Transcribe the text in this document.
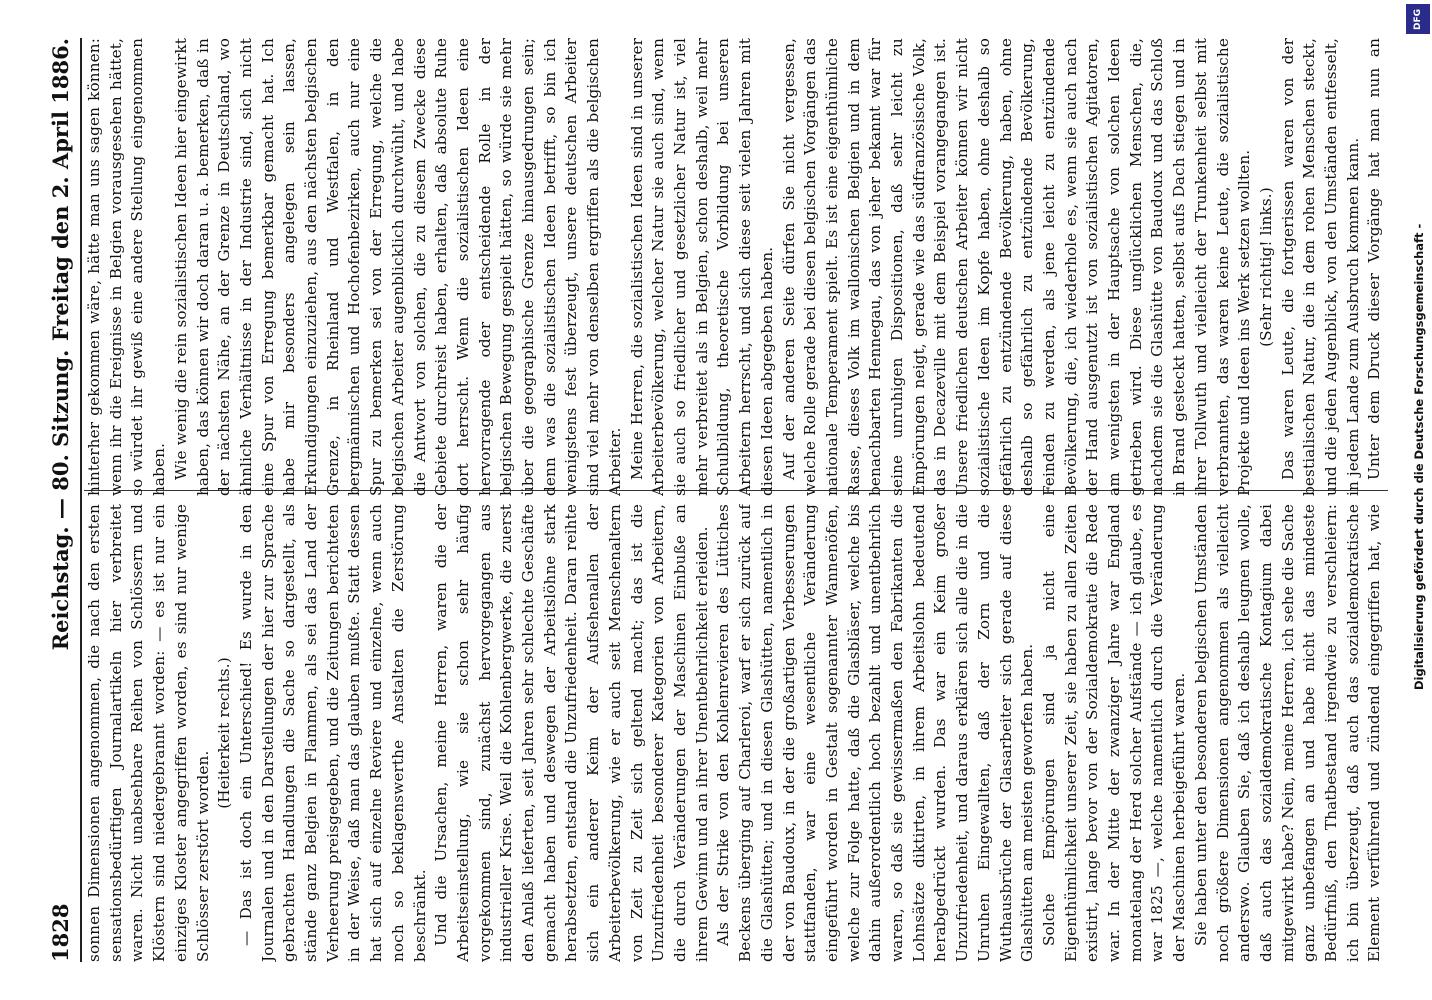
1828
Reichstag. — 80. Sitzung.
Freitag den 2. April 1886.

sonnen Dimensionen angenommen, die nach den ersten sensationsbedürftigen Journalartikeln hier verbreitet waren. Nicht unabsehbare Reihen von Schlössern und Klöstern sind niedergebrannt worden: — es ist nur ein einziges Kloster angegriffen worden, es sind nur wenige Schlösser zerstört worden.

(Heiterkeit rechts.) — Das ist doch ein Unterschied! Es wurde in den Journalen und in den Darstellungen der hier zur Sprache gebrachten Handlungen die Sache so dargestellt, als stände ganz Belgien in Flammen, als sei das Land der Verheerung preisgegeben, und die Zeitungen berichteten in der Weise, daß man das glauben mußte. Statt dessen hat sich auf einzelne Reviere und einzelne, wenn auch noch so beklagenswerthe Anstalten die Zerstörung beschränkt. Und die Ursachen, meine Herren, waren die der Arbeitseinstellung, wie sie schon sehr häufig vorgekommen sind, zunächst hervorgegangen aus industrieller Krise. Weil die Kohlenbergwerke, die zuerst den Anlaß lieferten, seit Jahren sehr schlechte Geschäfte gemacht haben und deswegen der Arbeitslöhne stark herabsetzten, entstand die Unzufriedenheit. Daran reihte sich ein anderer Keim der Aufsehenallen der Arbeiterbevölkerung, wie er auch seit Menschenaltern von Zeit zu Zeit sich geltend macht; das ist die Unzufriedenheit besonderer Kategorien von Arbeitern, die durch Veränderungen der Maschinen Einbuße an ihrem Gewinn und an ihrer Unentbehrlichkeit erleiden. Als der Strike von den Kohlenrevieren des Lüttiches Beckens überging auf Charleroi, warf er sich zurück auf die Glashütten; und in diesen Glashütten, namentlich in der von Baudoux, in der die großartigen Verbesserungen stattfanden, war eine wesentliche Veränderung eingeführt worden in Gestalt sogenannter Wannenöfen, welche zur Folge hatte, daß die Glasbläser, welche bis dahin außerordentlich hoch bezahlt und unentbehrlich waren, so daß sie gewissermaßen den Fabrikanten die Lohnsätze diktirten, in ihrem Arbeitslohn bedeutend herabgedrückt wurden. Das war ein Keim großer Unzufriedenheit, und daraus erklären sich alle die in die Unruhen Eingewallten, daß der Zorn und die Wuthausbrüche der Glasarbeiter sich gerade auf diese Glashütten am meisten geworfen haben. Solche Empörungen sind ja nicht eine Eigenthümlichkeit unserer Zeit, sie haben zu allen Zeiten existirt, lange bevor von der Sozialdemokratie die Rede war. In der Mitte der zwanziger Jahre war England monatelang der Herd solcher Aufstände — ich glaube, es war 1825 —, welche namentlich durch die Veränderung der Maschinen herbeigeführt waren. Sie haben unter den besonderen belgischen Umständen noch größere Dimensionen angenommen als vielleicht anderswo. Glauben Sie, daß ich deshalb leugnen wolle, daß auch das sozialdemokratische Kontagium dabei mitgewirkt habe? Nein, meine Herren, ich sehe die Sache ganz unbefangen an und habe nicht das mindeste Bedürfniß, den Thatbestand irgendwie zu verschleiern: ich bin überzeugt, daß auch das sozialdemokratische Element verführend und zündend eingegriffen hat, wie

hinterher gekommen wäre, hätte man uns sagen können: wenn ihr die Ereignisse in Belgien vorausgesehen hättet, so würdet ihr gewiß eine andere Stellung eingenommen haben. Wie wenig die rein sozialistischen Ideen hier eingewirkt haben, das können wir doch daran u. a. bemerken, daß in der nächsten Nähe, an der Grenze in Deutschland, wo ähnliche Verhältnisse in der Industrie sind, sich nicht eine Spur von Erregung bemerkbar gemacht hat. Ich habe mir besonders angelegen sein lassen, Erkundigungen einzuziehen, aus den nächsten belgischen Grenze, in Rheinland und Westfalen, in den bergmännischen und Hochofenbezirken, auch nur eine Spur zu bemerken sei von der Erregung, welche die belgischen Arbeiter augenblicklich durchwühlt, und habe die Antwort von solchen, die zu diesem Zwecke diese Gebiete durchreist haben, erhalten, daß absolute Ruhe dort herrscht. Wenn die sozialistischen Ideen eine hervorragende oder entscheidende Rolle in der belgischen Bewegung gespielt hätten, so würde sie mehr über die geographische Grenze hinausgedrungen sein; denn was die sozialistischen Ideen betrifft, so bin ich wenigstens fest überzeugt, unsere deutschen Arbeiter sind viel mehr von denselben ergriffen als die belgischen Arbeiter. Meine Herren, die sozialistischen Ideen sind in unserer Arbeiterbevölkerung, welcher Natur sie auch sind, wenn sie auch so friedlicher und gesetzlicher Natur ist, viel mehr verbreitet als in Belgien, schon deshalb, weil mehr Schulbildung, theoretische Vorbildung bei unseren Arbeitern herrscht, und sich diese seit vielen Jahren mit diesen Ideen abgegeben haben. Auf der anderen Seite dürfen Sie nicht vergessen, welche Rolle gerade bei diesen belgischen Vorgängen das nationale Temperament spielt. Es ist eine eigenthümliche Rasse, dieses Volk im wallonischen Belgien und in dem benachbarten Hennegau, das von jeher bekannt war für seine unruhigen Dispositionen, daß sehr leicht zu Empörungen neigt, gerade wie das südfranzösische Volk, das in Decazeville mit dem Beispiel vorangegangen ist. Unsere friedlichen deutschen Arbeiter können wir nicht sozialistische Ideen im Kopfe haben, ohne deshalb so gefährlich zu entzündende Bevölkerung, haben, ohne deshalb so gefährlich zu entzündende Bevölkerung, Feinden zu werden, als jene leicht zu entzündende Bevölkerung, die, ich wiederhole es, wenn sie auch nach der Hand ausgenutzt ist von sozialistischen Agitatoren, am wenigsten in der Hauptsache von solchen Ideen getrieben wird. Diese unglücklichen Menschen, die, nachdem sie die Glashütte von Baudoux und das Schloß in Brand gesteckt hatten, selbst aufs Dach stiegen und in ihrer Tollwuth und vielleicht der Trunkenheit selbst mit verbrannten, das waren keine Leute, die sozialistische Projekte und Ideen ins Werk setzen wollten. (Sehr richtig! links.) Das waren Leute, die fortgerissen waren von der bestialischen Natur, die in dem rohen Menschen steckt, und die jeden Augenblick, von den Umständen entfesselt, in jedem Lande zum Ausbruch kommen kann. Unter dem Druck dieser Vorgänge hat man nun an

DFG
Digitalisierung gefördert durch die Deutsche Forschungsgemeinschaft -
